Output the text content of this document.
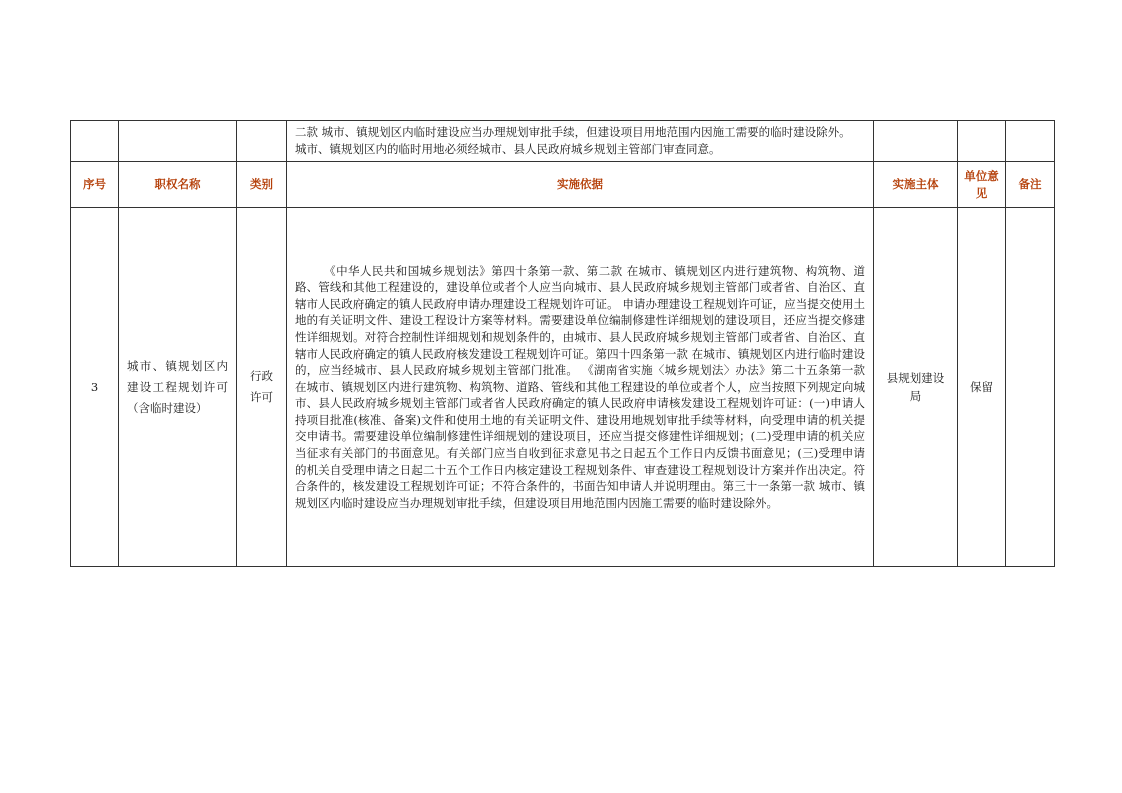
			二款 城市、镇规划区内临时建设应当办理规划审批手续，但建设项目用地范围内因施工需要的临时建设除外。
城市、镇规划区内的临时用地必须经城市、县人民政府城乡规划主管部门审查同意。			

序号	职权名称	类别	实施依据	实施主体	单位意见	备注
3	城市、镇规划区内建设工程规划许可（含临时建设）	行政许可	《中华人民共和国城乡规划法》第四十条第一款、第二款 在城市、镇规划区内进行建筑物、构筑物、道路、管线和其他工程建设的，建设单位或者个人应当向城市、县人民政府城乡规划主管部门或者省、自治区、直辖市人民政府确定的镇人民政府申请办理建设工程规划许可证。 申请办理建设工程规划许可证，应当提交使用土地的有关证明文件、建设工程设计方案等材料。需要建设单位编制修建性详细规划的建设项目，还应当提交修建性详细规划。对符合控制性详细规划和规划条件的，由城市、县人民政府城乡规划主管部门或者省、自治区、直辖市人民政府确定的镇人民政府核发建设工程规划许可证。第四十四条第一款 在城市、镇规划区内进行临时建设的，应当经城市、县人民政府城乡规划主管部门批准。 《湖南省实施〈城乡规划法〉办法》第二十五条第一款 在城市、镇规划区内进行建筑物、构筑物、道路、管线和其他工程建设的单位或者个人，应当按照下列规定向城市、县人民政府城乡规划主管部门或者省人民政府确定的镇人民政府申请核发建设工程规划许可证：(一)申请人持项目批准(核准、备案)文件和使用土地的有关证明文件、建设用地规划审批手续等材料，向受理申请的机关提交申请书。需要建设单位编制修建性详细规划的建设项目，还应当提交修建性详细规划；(二)受理申请的机关应当征求有关部门的书面意见。有关部门应当自收到征求意见书之日起五个工作日内反馈书面意见；(三)受理申请的机关自受理申请之日起二十五个工作日内核定建设工程规划条件、审查建设工程规划设计方案并作出决定。符合条件的，核发建设工程规划许可证；不符合条件的，书面告知申请人并说明理由。第三十一条第一款 城市、镇规划区内临时建设应当办理规划审批手续，但建设项目用地范围内因施工需要的临时建设除外。	县规划建设局	保留	
